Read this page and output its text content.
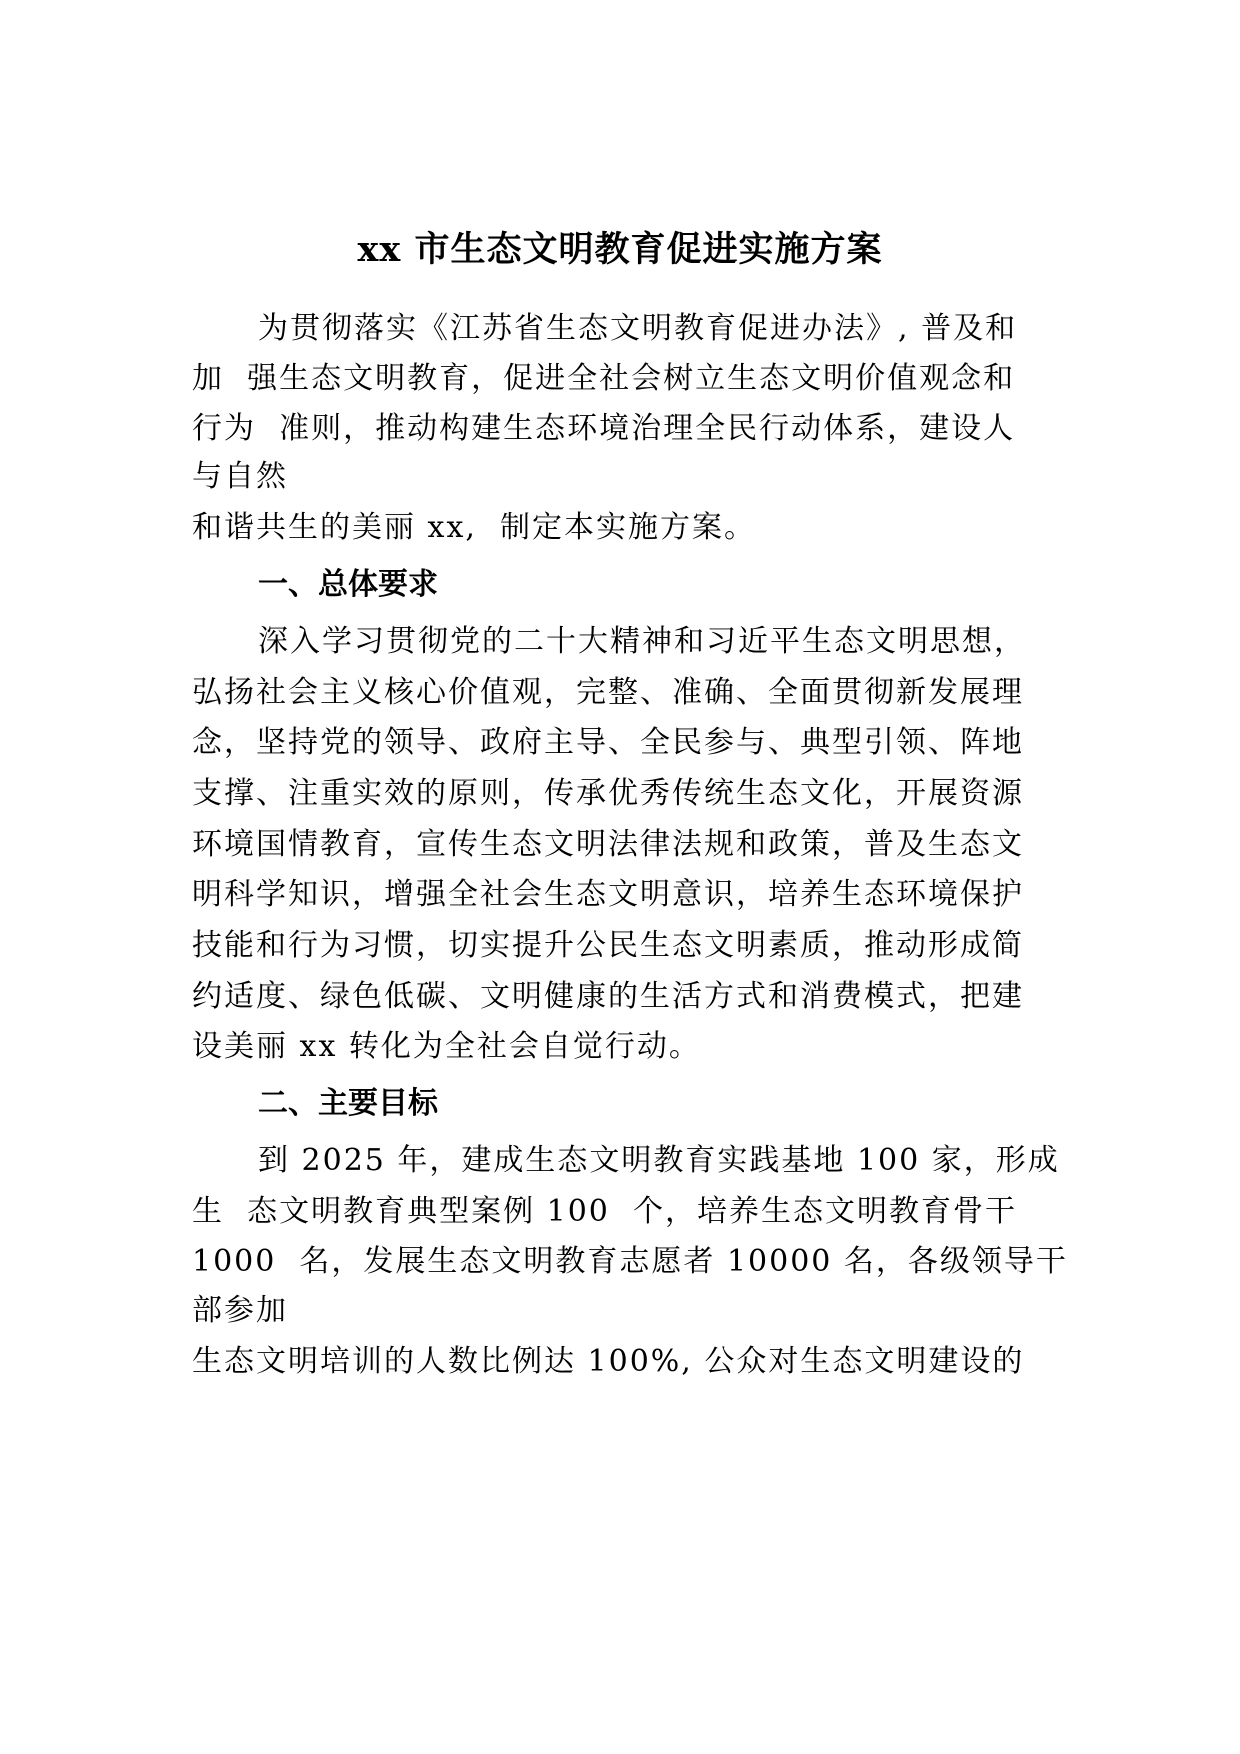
xx 市生态文明教育促进实施方案
为贯彻落实《江苏省生态文明教育促进办法》, 普及和
加  强生态文明教育，促进全社会树立生态文明价值观念和
行为  准则，推动构建生态环境治理全民行动体系，建设人
与自然
和谐共生的美丽 xx,  制定本实施方案。
一、总体要求
深入学习贯彻党的二十大精神和习近平生态文明思想，
弘扬社会主义核心价值观，完整、准确、全面贯彻新发展理
念，坚持党的领导、政府主导、全民参与、典型引领、阵地
支撑、注重实效的原则，传承优秀传统生态文化，开展资源
环境国情教育，宣传生态文明法律法规和政策，普及生态文
明科学知识，增强全社会生态文明意识，培养生态环境保护
技能和行为习惯，切实提升公民生态文明素质，推动形成简
约适度、绿色低碳、文明健康的生活方式和消费模式，把建
设美丽 xx 转化为全社会自觉行动。
二、主要目标
到 2025 年，建成生态文明教育实践基地 100 家，形成
生  态文明教育典型案例 100  个，培养生态文明教育骨干
1000  名，发展生态文明教育志愿者 10000 名，各级领导干
部参加
生态文明培训的人数比例达 100%, 公众对生态文明建设的
